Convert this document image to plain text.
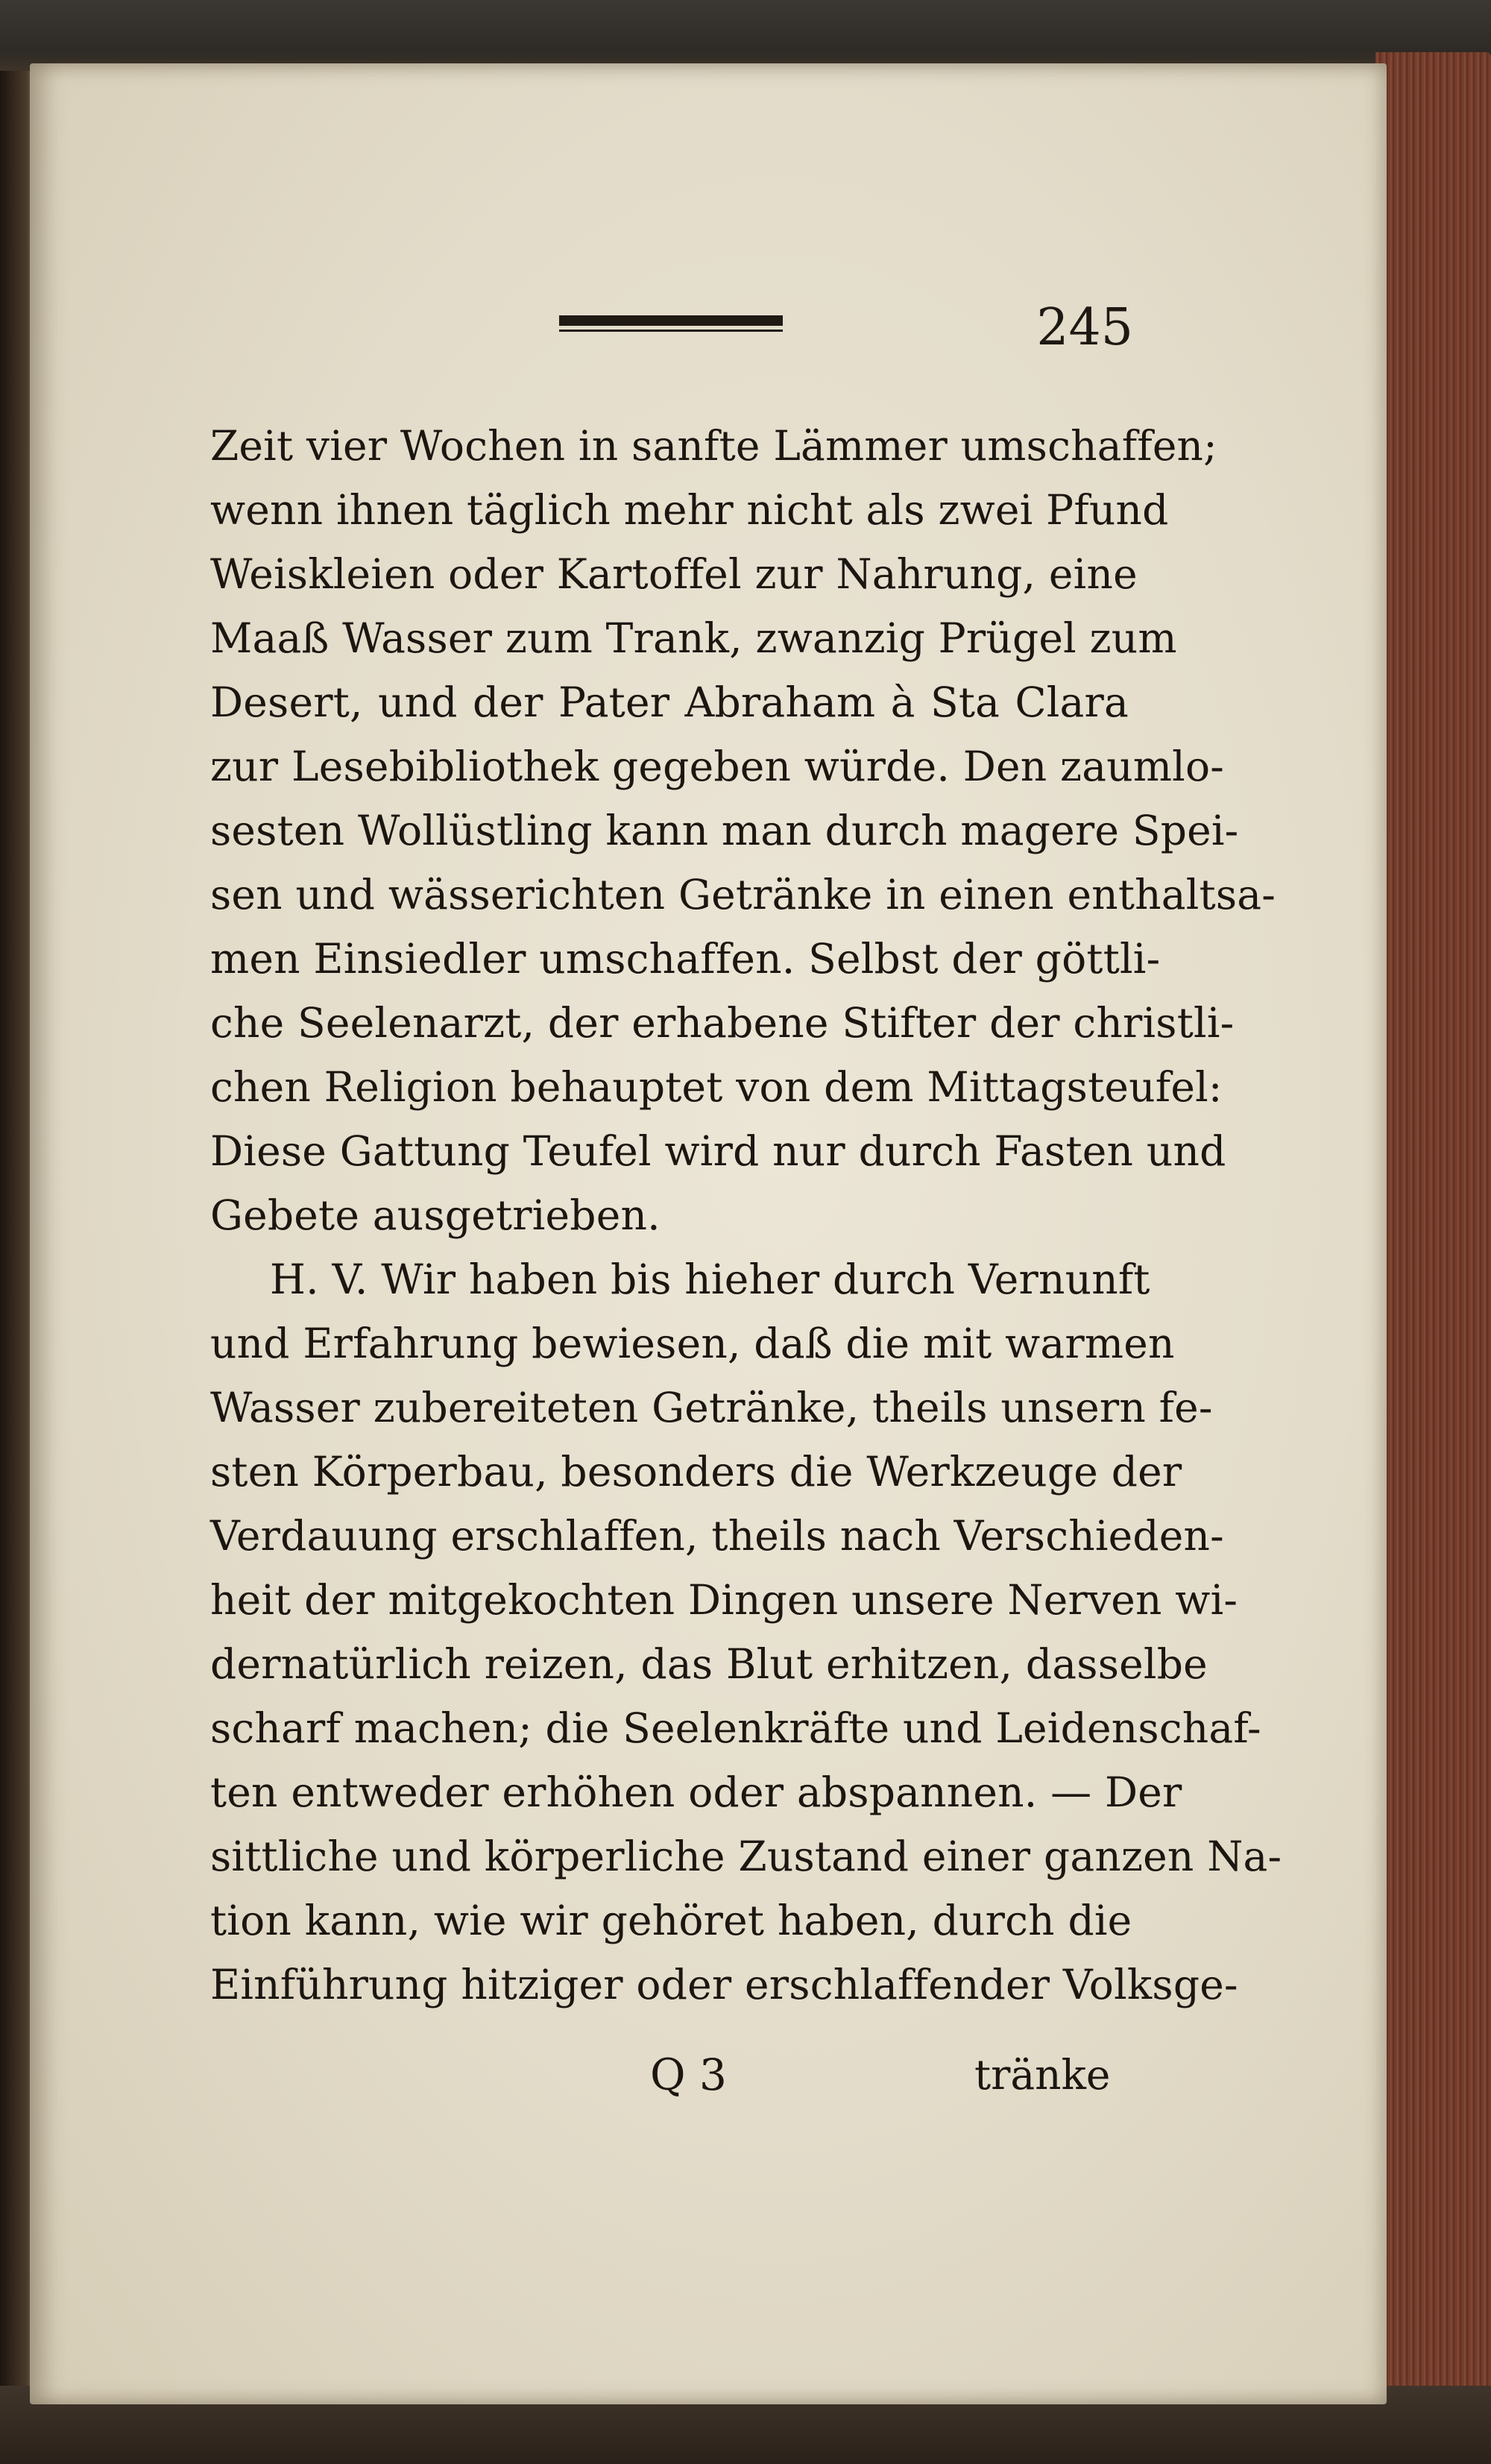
245
Zeit vier Wochen in sanfte Lämmer umschaffen;
wenn ihnen täglich mehr nicht als zwei Pfund
Weiskleien oder Kartoffel zur Nahrung, eine
Maaß Wasser zum Trank, zwanzig Prügel zum
Desert, und der Pater Abraham à Sta Clara
zur Lesebibliothek gegeben würde. Den zaumlo-
sesten Wollüstling kann man durch magere Spei-
sen und wässerichten Getränke in einen enthaltsa-
men Einsiedler umschaffen. Selbst der göttli-
che Seelenarzt, der erhabene Stifter der christli-
chen Religion behauptet von dem Mittagsteufel:
Diese Gattung Teufel wird nur durch Fasten und
Gebete ausgetrieben.
H. V. Wir haben bis hieher durch Vernunft
und Erfahrung bewiesen, daß die mit warmen
Wasser zubereiteten Getränke, theils unsern fe-
sten Körperbau, besonders die Werkzeuge der
Verdauung erschlaffen, theils nach Verschieden-
heit der mitgekochten Dingen unsere Nerven wi-
dernatürlich reizen, das Blut erhitzen, dasselbe
scharf machen; die Seelenkräfte und Leidenschaf-
ten entweder erhöhen oder abspannen. — Der
sittliche und körperliche Zustand einer ganzen Na-
tion kann, wie wir gehöret haben, durch die
Einführung hitziger oder erschlaffender Volksge-
Q 3	tränke
